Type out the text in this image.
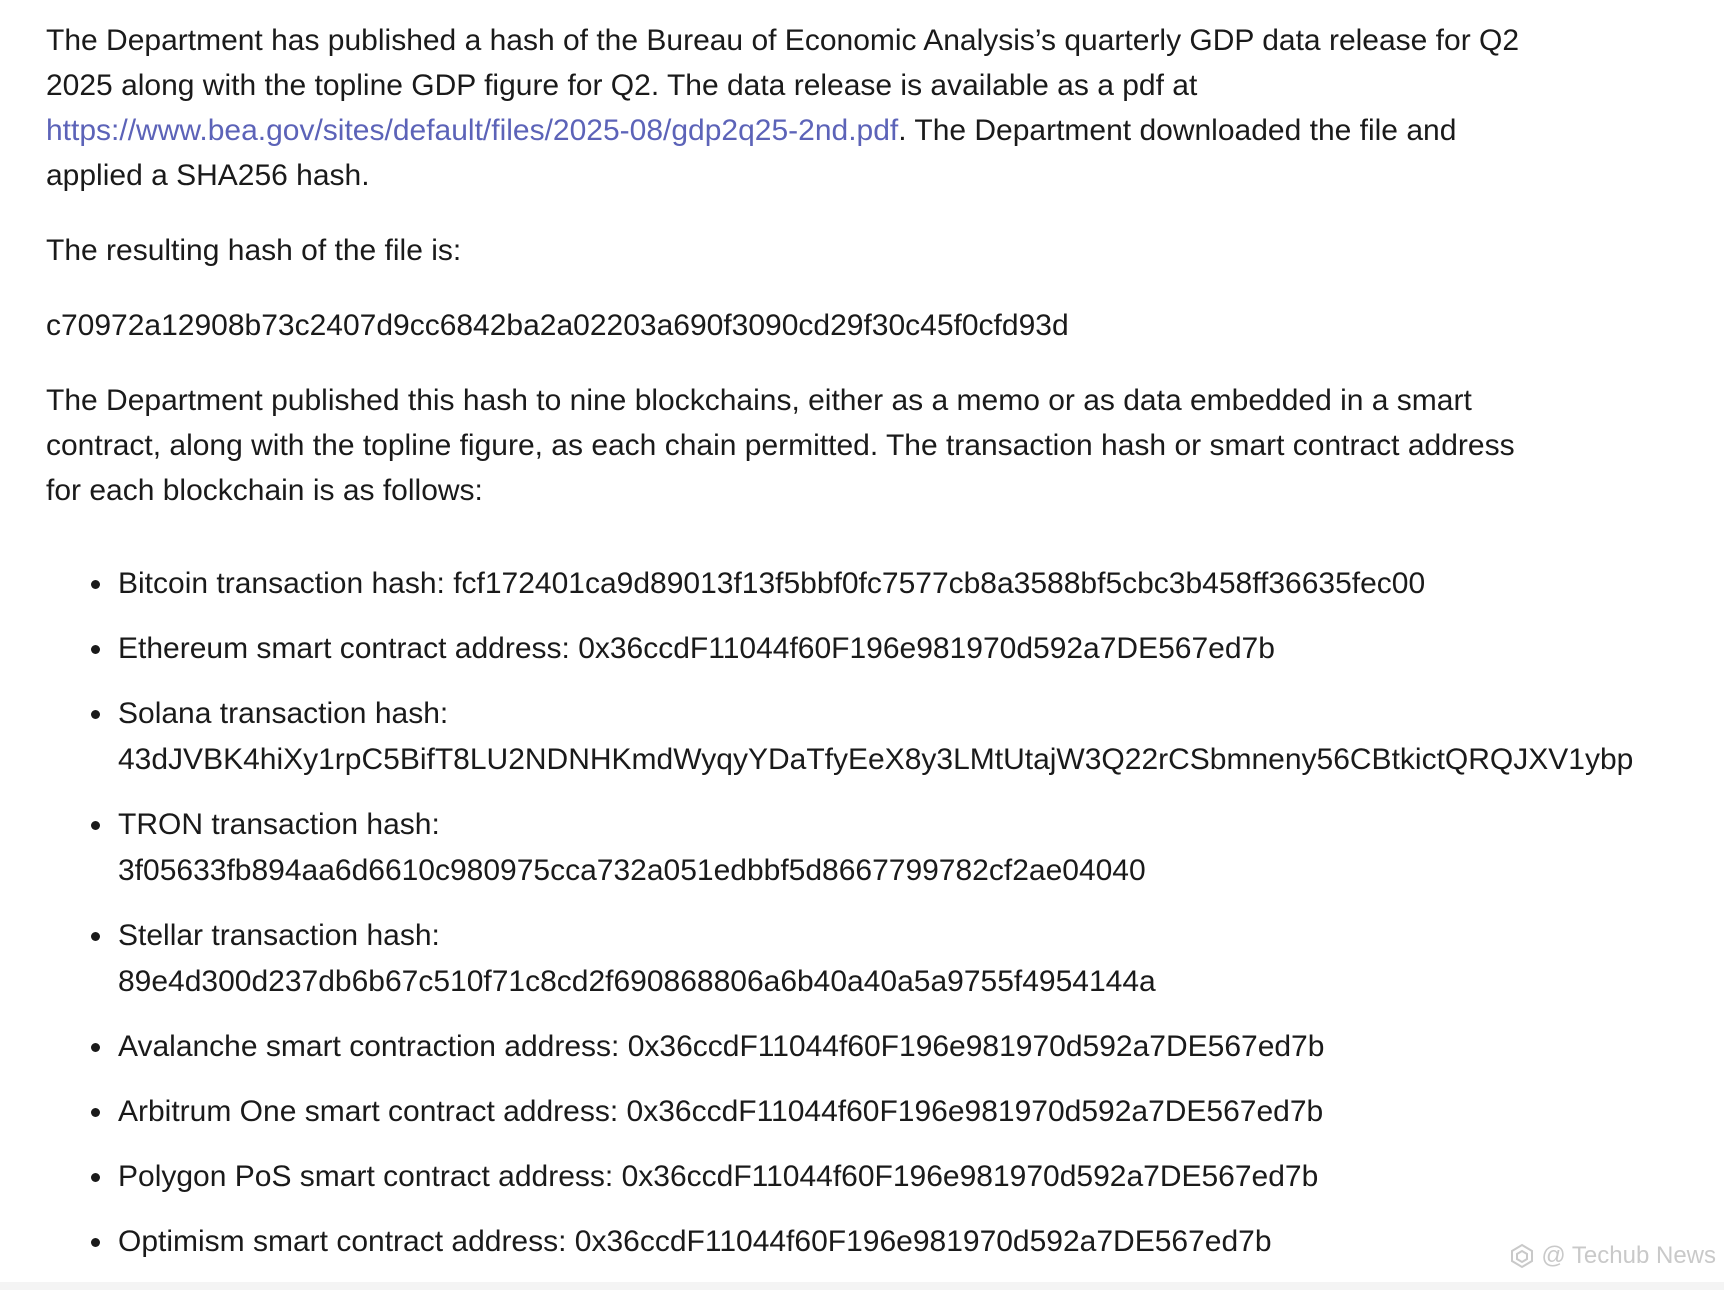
The Department has published a hash of the Bureau of Economic Analysis’s quarterly GDP data release for Q2 2025 along with the topline GDP figure for Q2. The data release is available as a pdf at https://www.bea.gov/sites/default/files/2025-08/gdp2q25-2nd.pdf. The Department downloaded the file and applied a SHA256 hash.

The resulting hash of the file is:

c70972a12908b73c2407d9cc6842ba2a02203a690f3090cd29f30c45f0cfd93d

The Department published this hash to nine blockchains, either as a memo or as data embedded in a smart contract, along with the topline figure, as each chain permitted. The transaction hash or smart contract address for each blockchain is as follows:

Bitcoin transaction hash: fcf172401ca9d89013f13f5bbf0fc7577cb8a3588bf5cbc3b458ff36635fec00
Ethereum smart contract address: 0x36ccdF11044f60F196e981970d592a7DE567ed7b
Solana transaction hash:
43dJVBK4hiXy1rpC5BifT8LU2NDNHKmdWyqyYDaTfyEeX8y3LMtUtajW3Q22rCSbmneny56CBtkictQRQJXV1ybp
TRON transaction hash:
3f05633fb894aa6d6610c980975cca732a051edbbf5d8667799782cf2ae04040
Stellar transaction hash:
89e4d300d237db6b67c510f71c8cd2f690868806a6b40a40a5a9755f4954144a
Avalanche smart contraction address: 0x36ccdF11044f60F196e981970d592a7DE567ed7b
Arbitrum One smart contract address: 0x36ccdF11044f60F196e981970d592a7DE567ed7b
Polygon PoS smart contract address: 0x36ccdF11044f60F196e981970d592a7DE567ed7b
Optimism smart contract address: 0x36ccdF11044f60F196e981970d592a7DE567ed7b	@ Techub News
